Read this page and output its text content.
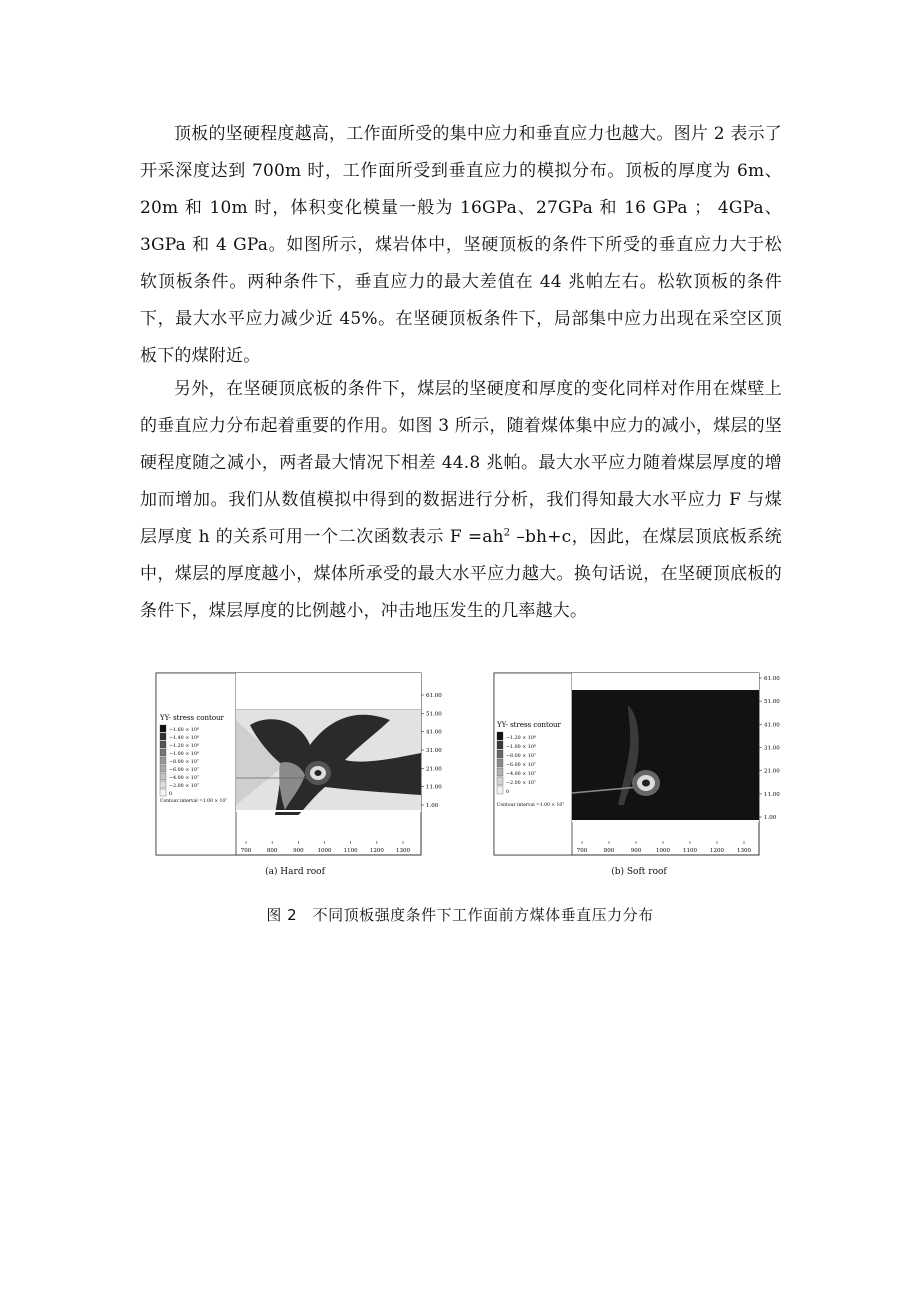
顶板的坚硬程度越高，工作面所受的集中应力和垂直应力也越大。图片 2 表示了开采深度达到 700m 时，工作面所受到垂直应力的模拟分布。顶板的厚度为 6m、20m 和 10m 时，体积变化模量一般为 16GPa、27GPa 和 16 GPa ； 4GPa、3GPa 和 4 GPa。如图所示，煤岩体中，坚硬顶板的条件下所受的垂直应力大于松软顶板条件。两种条件下，垂直应力的最大差值在 44 兆帕左右。松软顶板的条件下，最大水平应力减少近 45%。在坚硬顶板条件下，局部集中应力出现在采空区顶板下的煤附近。

另外，在坚硬顶底板的条件下，煤层的坚硬度和厚度的变化同样对作用在煤壁上的垂直应力分布起着重要的作用。如图 3 所示，随着煤体集中应力的减小，煤层的坚硬程度随之减小，两者最大情况下相差 44.8 兆帕。最大水平应力随着煤层厚度的增加而增加。我们从数值模拟中得到的数据进行分析，我们得知最大水平应力 F 与煤层厚度 h 的关系可用一个二次函数表示 $F =ah^2$ –bh+c，因此，在煤层顶底板系统中，煤层的厚度越小，煤体所承受的最大水平应力越大。换句话说，在坚硬顶底板的条件下，煤层厚度的比例越小，冲击地压发生的几率越大。

YY- stress contour
−1.60 × 10⁸
−1.40 × 10⁸
−1.20 × 10⁸
−1.00 × 10⁸
−8.00 × 10⁷
−6.00 × 10⁷
−4.00 × 10⁷
−2.00 × 10⁷
0
Contour interval =1.00 × 10⁷
61.00
51.00
41.00
31.00
21.00
11.00
1.00
700	800	900	1000 1100 1200 1300
(a) Hard roof
YY- stress contour
−1.20 × 10⁸
−1.00 × 10⁸
−8.00 × 10⁷
−6.00 × 10⁷
−4.00 × 10⁷
−2.00 × 10⁷
0
Contour interval =1.00 × 10⁷
61.00
51.00
41.00
31.00
21.00
11.00
1.00
700	800	900	1000 1100 1200 1300
(b) Soft roof
图 2　不同顶板强度条件下工作面前方煤体垂直压力分布
